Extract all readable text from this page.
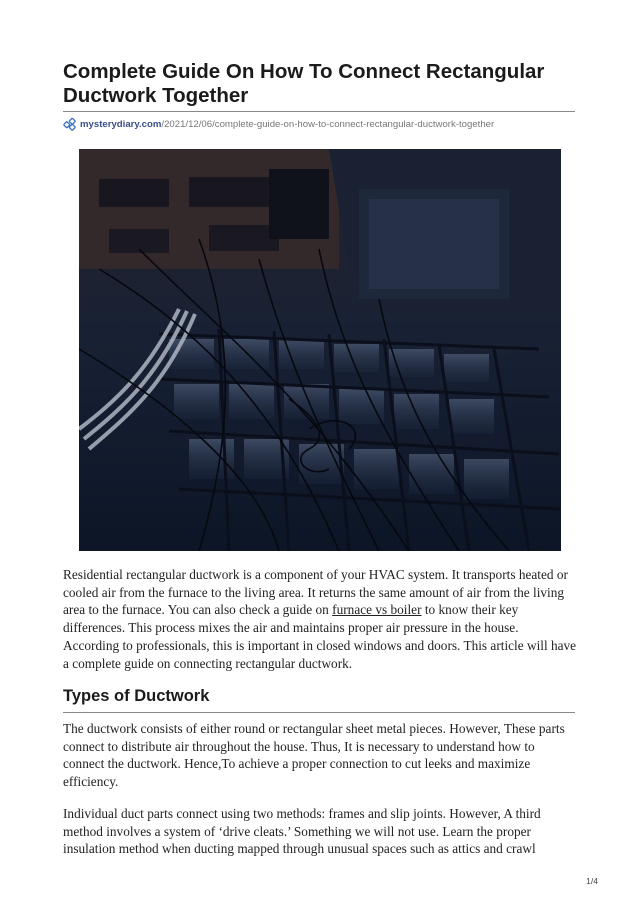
Complete Guide On How To Connect Rectangular Ductwork Together
mysterydiary.com /2021/12/06/complete-guide-on-how-to-connect-rectangular-ductwork-together

Residential rectangular ductwork is a component of your HVAC system. It transports heated or cooled air from the furnace to the living area. It returns the same amount of air from the living area to the furnace. You can also check a guide on furnace vs boiler to know their key differences. This process mixes the air and maintains proper air pressure in the house. According to professionals, this is important in closed windows and doors. This article will have a complete guide on connecting rectangular ductwork.

Types of Ductwork

The ductwork consists of either round or rectangular sheet metal pieces. However, These parts connect to distribute air throughout the house. Thus, It is necessary to understand how to connect the ductwork. Hence,To achieve a proper connection to cut leeks and maximize efficiency.

Individual duct parts connect using two methods: frames and slip joints. However, A third method involves a system of ‘drive cleats.’ Something we will not use. Learn the proper insulation method when ducting mapped through unusual spaces such as attics and crawl

1/4
